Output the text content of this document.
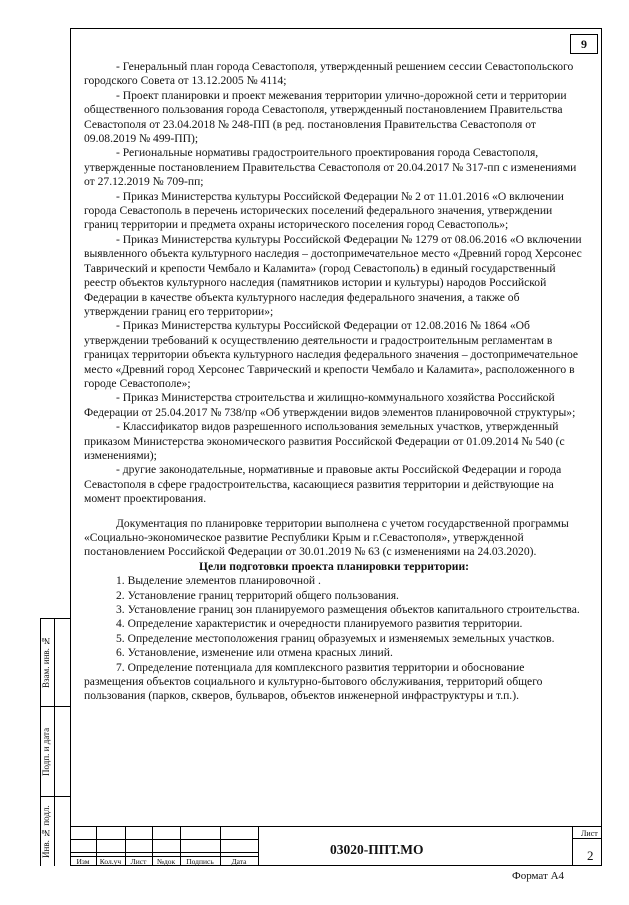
9

- Генеральный план города Севастополя, утвержденный решением сессии Севастопольского городского Совета от 13.12.2005 № 4114;

- Проект планировки и проект межевания территории улично-дорожной сети и территории общественного пользования города Севастополя, утвержденный постановлением Правительства Севастополя от 23.04.2018 № 248-ПП (в ред. постановления Правительства Севастополя от 09.08.2019 № 499-ПП);

- Региональные нормативы градостроительного проектирования города Севастополя, утвержденные постановлением Правительства Севастополя от 20.04.2017 № 317-пп с изменениями от 27.12.2019 № 709-пп;

- Приказ Министерства культуры Российской Федерации № 2 от 11.01.2016 «О включении города Севастополь в перечень исторических поселений федерального значения, утверждении границ территории и предмета охраны исторического поселения город Севастополь»;

- Приказ Министерства культуры Российской Федерации № 1279 от 08.06.2016 «О включении выявленного объекта культурного наследия – достопримечательное место «Древний город Херсонес Таврический и крепости Чембало и Каламита» (город Севастополь) в единый государственный реестр объектов культурного наследия (памятников истории и культуры) народов Российской Федерации в качестве объекта культурного наследия федерального значения, а также об утверждении границ его территории»;

- Приказ Министерства культуры Российской Федерации от 12.08.2016 № 1864 «Об утверждении требований к осуществлению деятельности и градостроительным регламентам в границах территории объекта культурного наследия федерального значения – достопримечательное место «Древний город Херсонес Таврический и крепости Чембало и Каламита», расположенного в городе Севастополе»;

- Приказ Министерства строительства и жилищно-коммунального хозяйства Российской Федерации от 25.04.2017 № 738/пр «Об утверждении видов элементов планировочной структуры»;

- Классификатор видов разрешенного использования земельных участков, утвержденный приказом Министерства экономического развития Российской Федерации от 01.09.2014 № 540 (с изменениями);

- другие законодательные, нормативные и правовые акты Российской Федерации и города Севастополя в сфере градостроительства, касающиеся развития территории и действующие на момент проектирования.

Документация по планировке территории выполнена с учетом государственной программы «Социально-экономическое развитие Республики Крым и г.Севастополя», утвержденной постановлением Российской Федерации от 30.01.2019 № 63 (с изменениями на 24.03.2020).

Цели подготовки проекта планировки территории:

1. Выделение элементов планировочной .

2. Установление границ территорий общего пользования.

3. Установление границ зон планируемого размещения объектов капитального строительства.

4. Определение характеристик и очередности планируемого развития территории.

5. Определение местоположения границ образуемых и изменяемых земельных участков.

6. Установление, изменение или отмена красных линий.

7. Определение потенциала для комплексного развития территории и обоснование размещения объектов социального и культурно-бытового обслуживания, территорий общего пользования (парков, скверов, бульваров, объектов инженерной инфраструктуры и т.п.).

Взам. инв. №
Подп. и дата
Инв. № подл.
Изм	Кол.уч	Лист	№док	Подпись	Дата
03020-ППТ.МО
Лист
2
Формат А4
